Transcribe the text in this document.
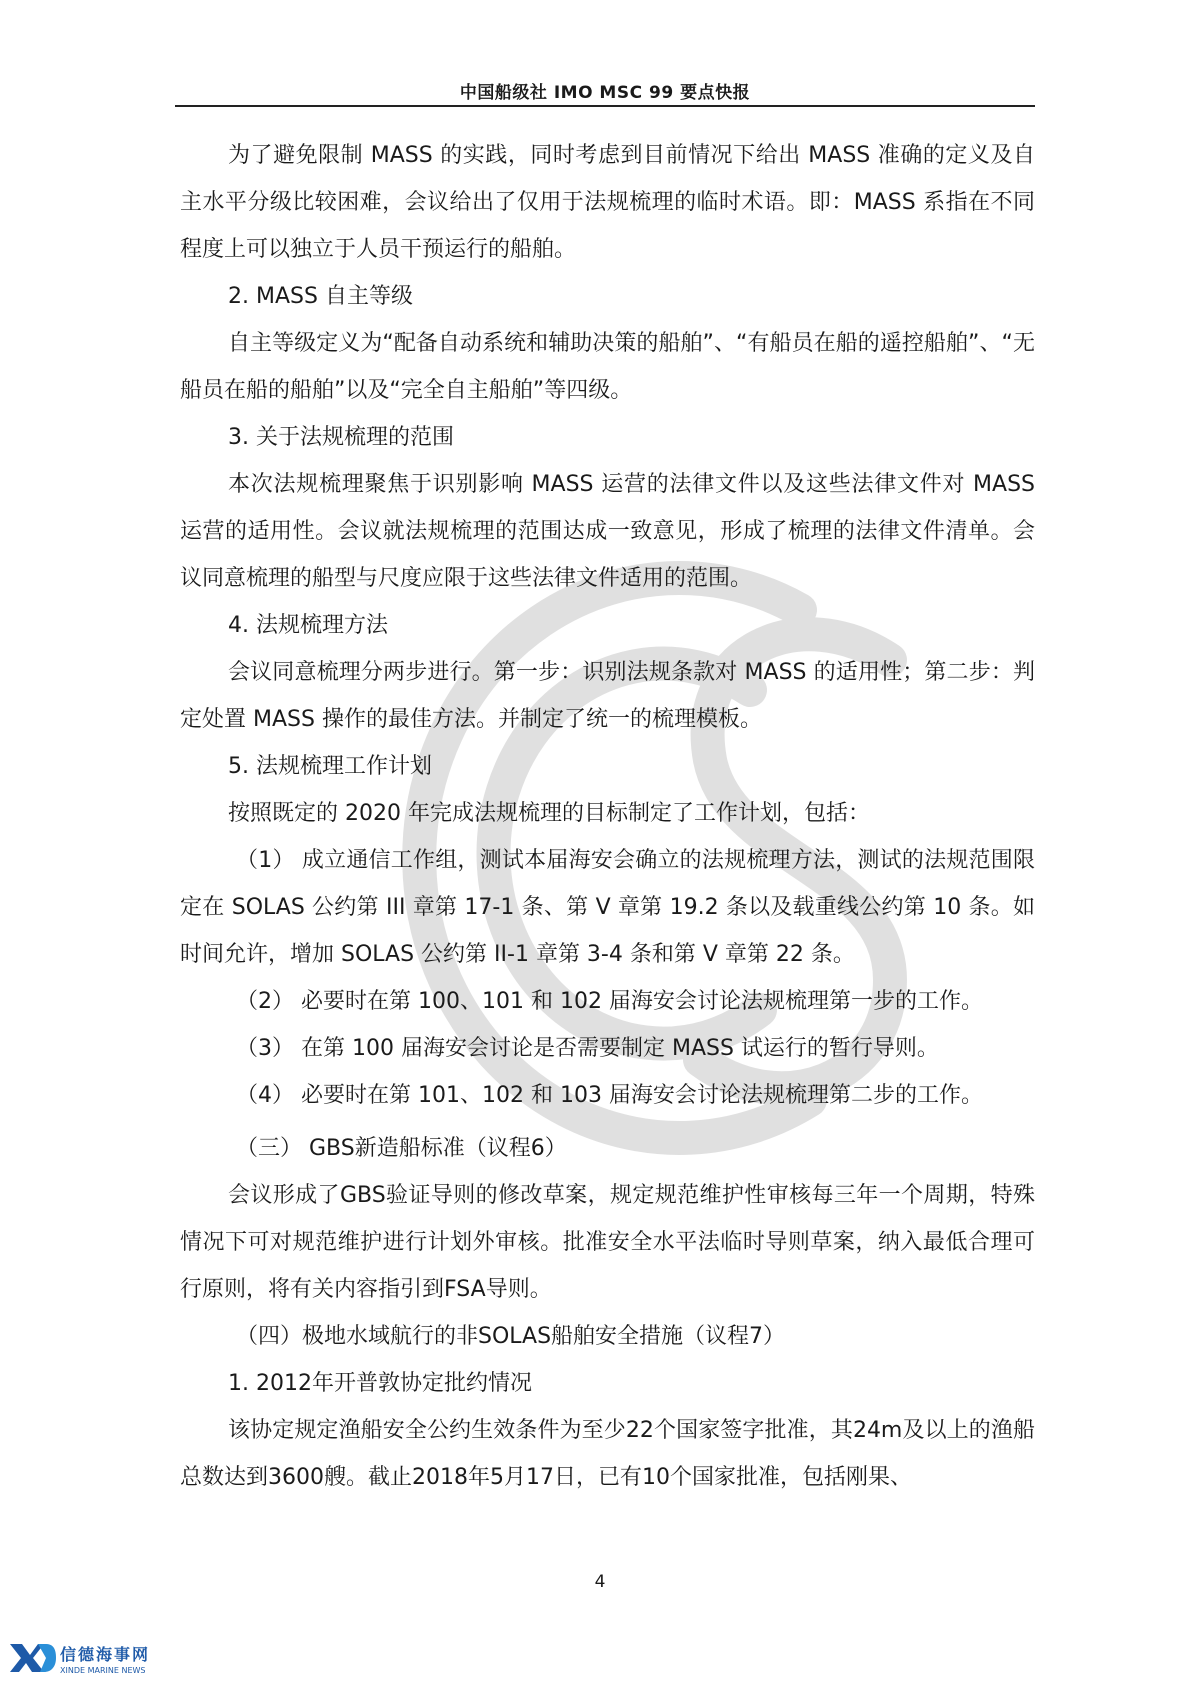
中国船级社 IMO MSC 99 要点快报

为了避免限制 MASS 的实践，同时考虑到目前情况下给出 MASS 准确的定义及自主水平分级比较困难，会议给出了仅用于法规梳理的临时术语。即：MASS 系指在不同程度上可以独立于人员干预运行的船舶。

2. MASS 自主等级

自主等级定义为“配备自动系统和辅助决策的船舶”、“有船员在船的遥控船舶”、“无船员在船的船舶”以及“完全自主船舶”等四级。

3. 关于法规梳理的范围

本次法规梳理聚焦于识别影响 MASS 运营的法律文件以及这些法律文件对 MASS 运营的适用性。会议就法规梳理的范围达成一致意见，形成了梳理的法律文件清单。会议同意梳理的船型与尺度应限于这些法律文件适用的范围。

4. 法规梳理方法

会议同意梳理分两步进行。第一步：识别法规条款对 MASS 的适用性；第二步：判定处置 MASS 操作的最佳方法。并制定了统一的梳理模板。

5. 法规梳理工作计划

按照既定的 2020 年完成法规梳理的目标制定了工作计划，包括：

（1） 成立通信工作组，测试本届海安会确立的法规梳理方法，测试的法规范围限定在 SOLAS 公约第 III 章第 17-1 条、第 V 章第 19.2 条以及载重线公约第 10 条。如时间允许，增加 SOLAS 公约第 II-1 章第 3-4 条和第 V 章第 22 条。

（2） 必要时在第 100、101 和 102 届海安会讨论法规梳理第一步的工作。

（3） 在第 100 届海安会讨论是否需要制定 MASS 试运行的暂行导则。

（4） 必要时在第 101、102 和 103 届海安会讨论法规梳理第二步的工作。

（三） GBS新造船标准（议程6）

会议形成了GBS验证导则的修改草案，规定规范维护性审核每三年一个周期，特殊情况下可对规范维护进行计划外审核。批准安全水平法临时导则草案，纳入最低合理可行原则，将有关内容指引到FSA导则。

（四）极地水域航行的非SOLAS船舶安全措施（议程7）

1. 2012年开普敦协定批约情况

该协定规定渔船安全公约生效条件为至少22个国家签字批准，其24m及以上的渔船总数达到3600艘。截止2018年5月17日，已有10个国家批准，包括刚果、

4
信德海事网
XINDE MARINE NEWS
